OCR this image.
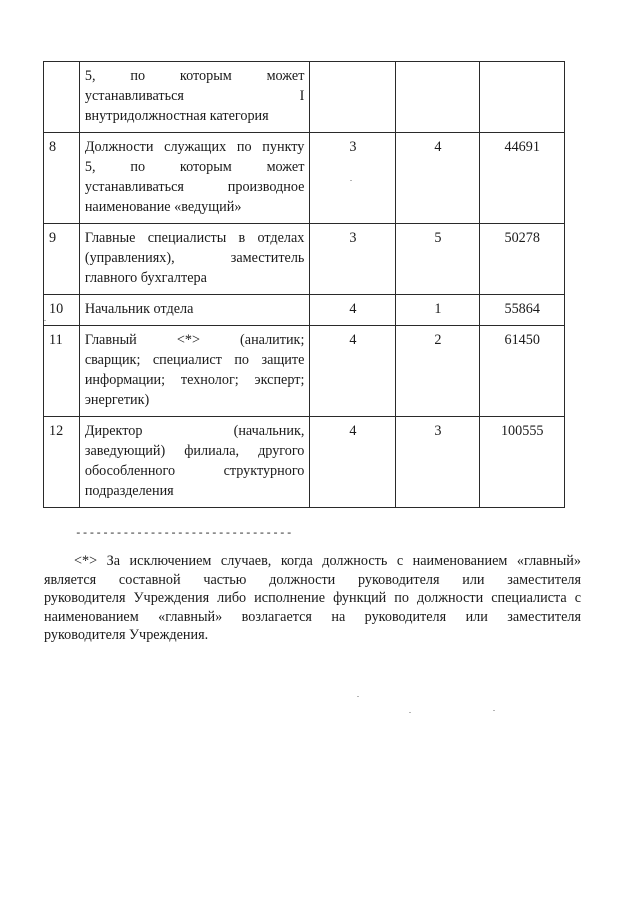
	5, по которым может
устанавливаться I
внутридолжностная категория			

8	Должности служащих по пункту
5, по которым может
устанавливаться производное
наименование «ведущий»	3	4	44691
9	Главные специалисты в отделах
(управлениях), заместитель
главного бухгалтера	3	5	50278
10	Начальник отдела	4	1	55864
11	Главный <*> (аналитик;
сварщик; специалист по защите
информации; технолог; эксперт;
энергетик)	4	2	61450
12	Директор (начальник,
заведующий) филиала, другого
обособленного структурного
подразделения	4	3	100555
--------------------------------
<*> За исключением случаев, когда должность с наименованием «главный»
является составной частью должности руководителя или заместителя
руководителя Учреждения либо исполнение функций по должности специалиста с
наименованием «главный» возлагается на руководителя или заместителя
руководителя Учреждения.
